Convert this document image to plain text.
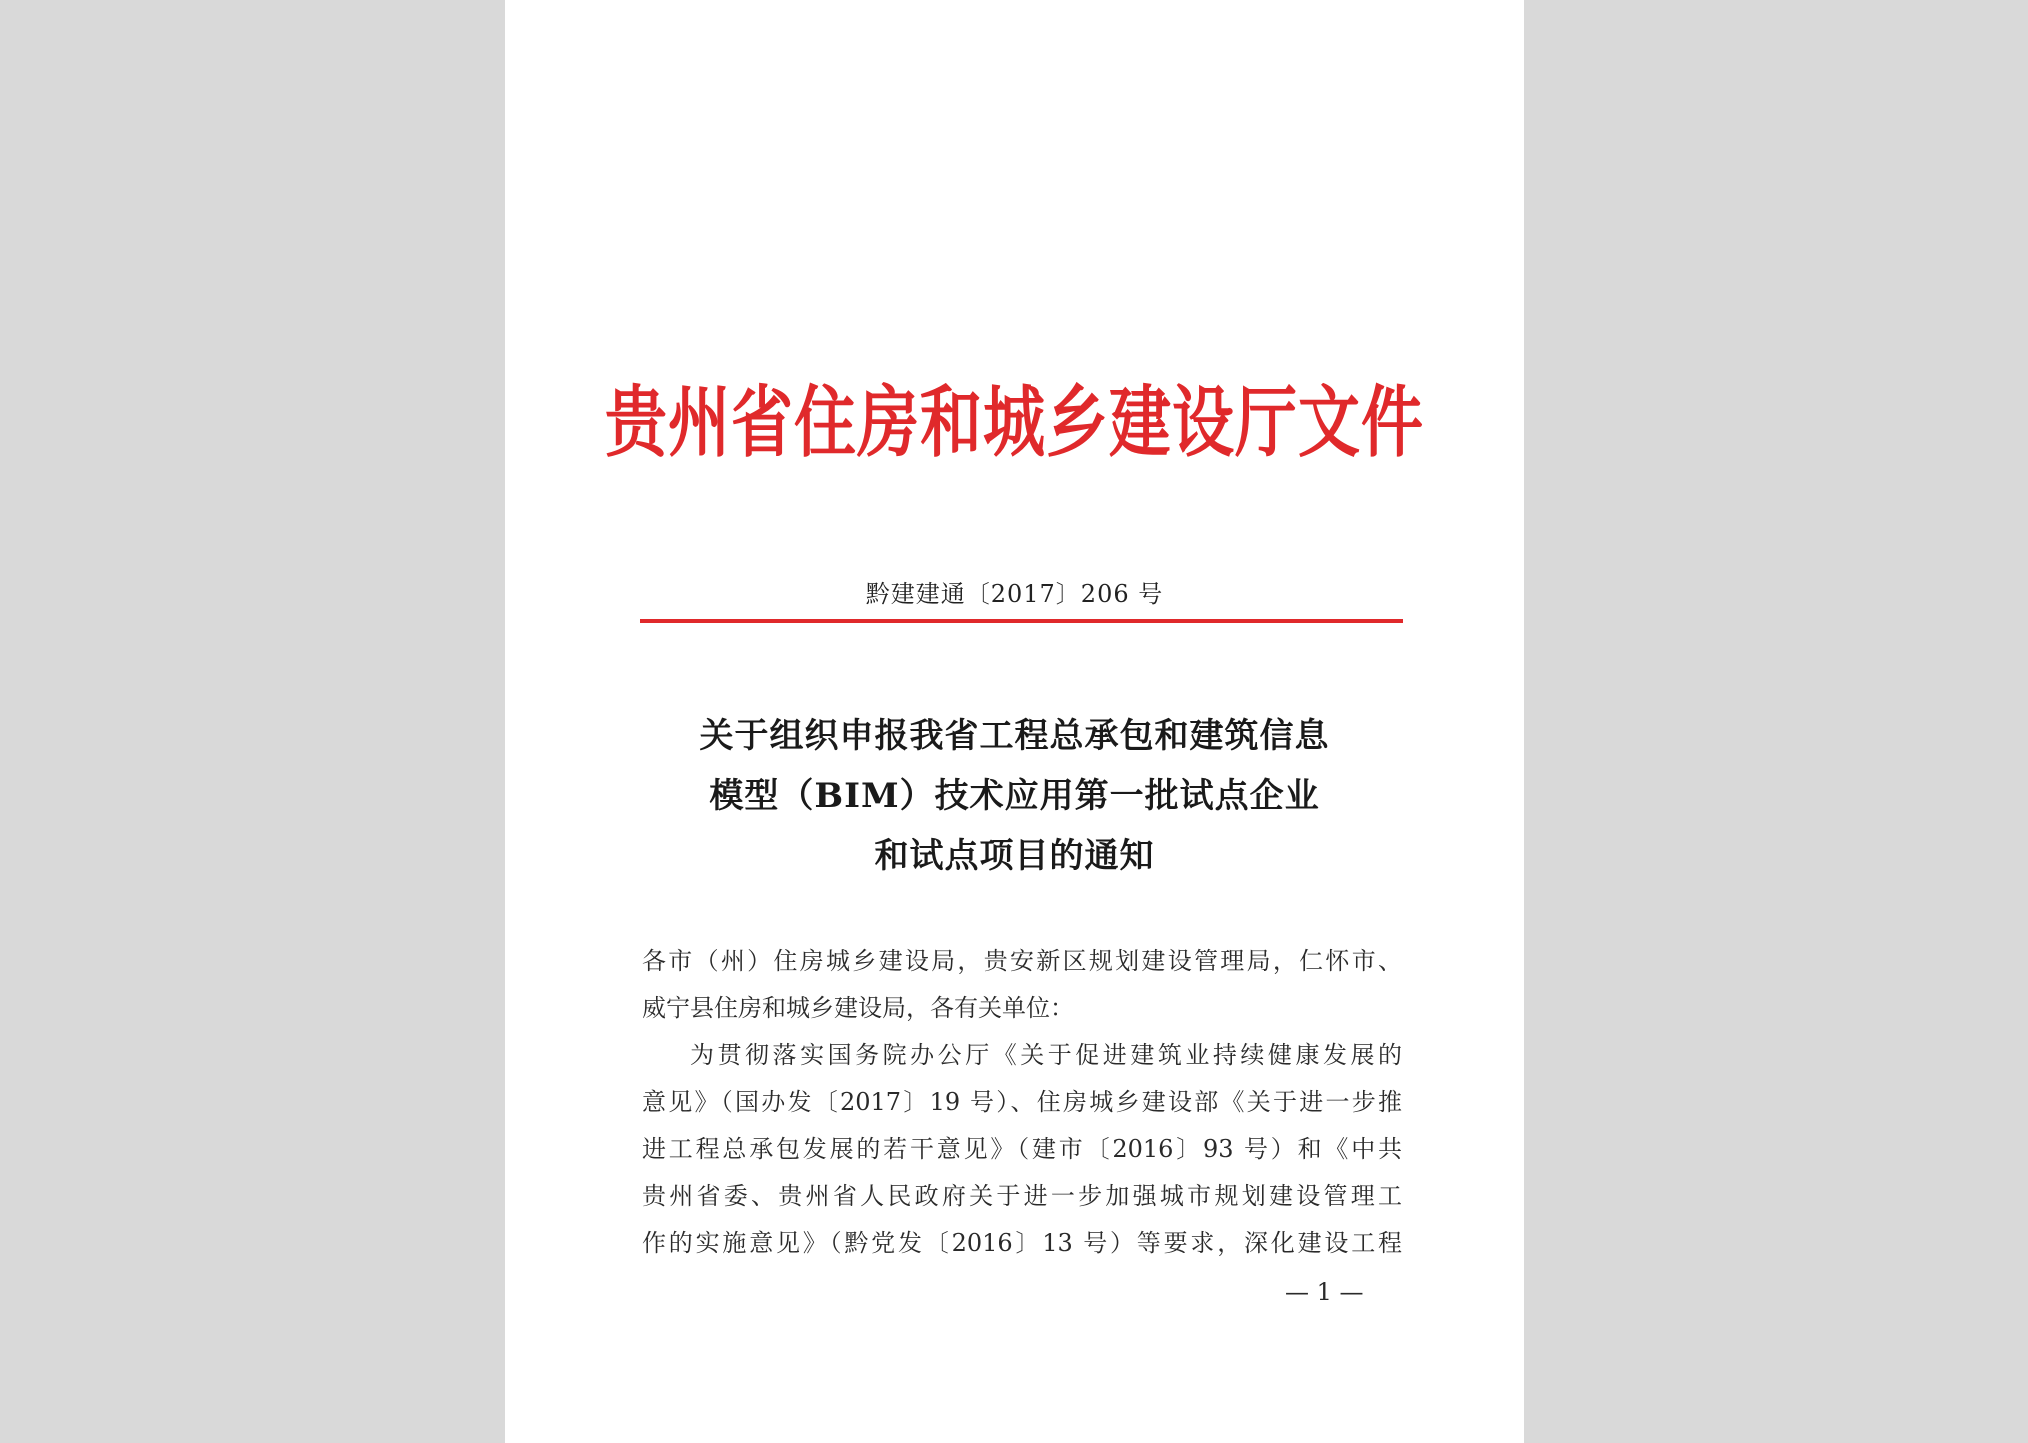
贵州省住房和城乡建设厅文件
黔建建通〔2017〕206 号
关于组织申报我省工程总承包和建筑信息
模型（BIM）技术应用第一批试点企业
和试点项目的通知
各市（州）住房城乡建设局，贵安新区规划建设管理局，仁怀市、
威宁县住房和城乡建设局，各有关单位：
为贯彻落实国务院办公厅《关于促进建筑业持续健康发展的
意见》（国办发〔2017〕19 号）、住房城乡建设部《关于进一步推
进工程总承包发展的若干意见》（建市〔2016〕93 号）和《中共
贵州省委、贵州省人民政府关于进一步加强城市规划建设管理工
作的实施意见》（黔党发〔2016〕13 号）等要求，深化建设工程
— 1 —
